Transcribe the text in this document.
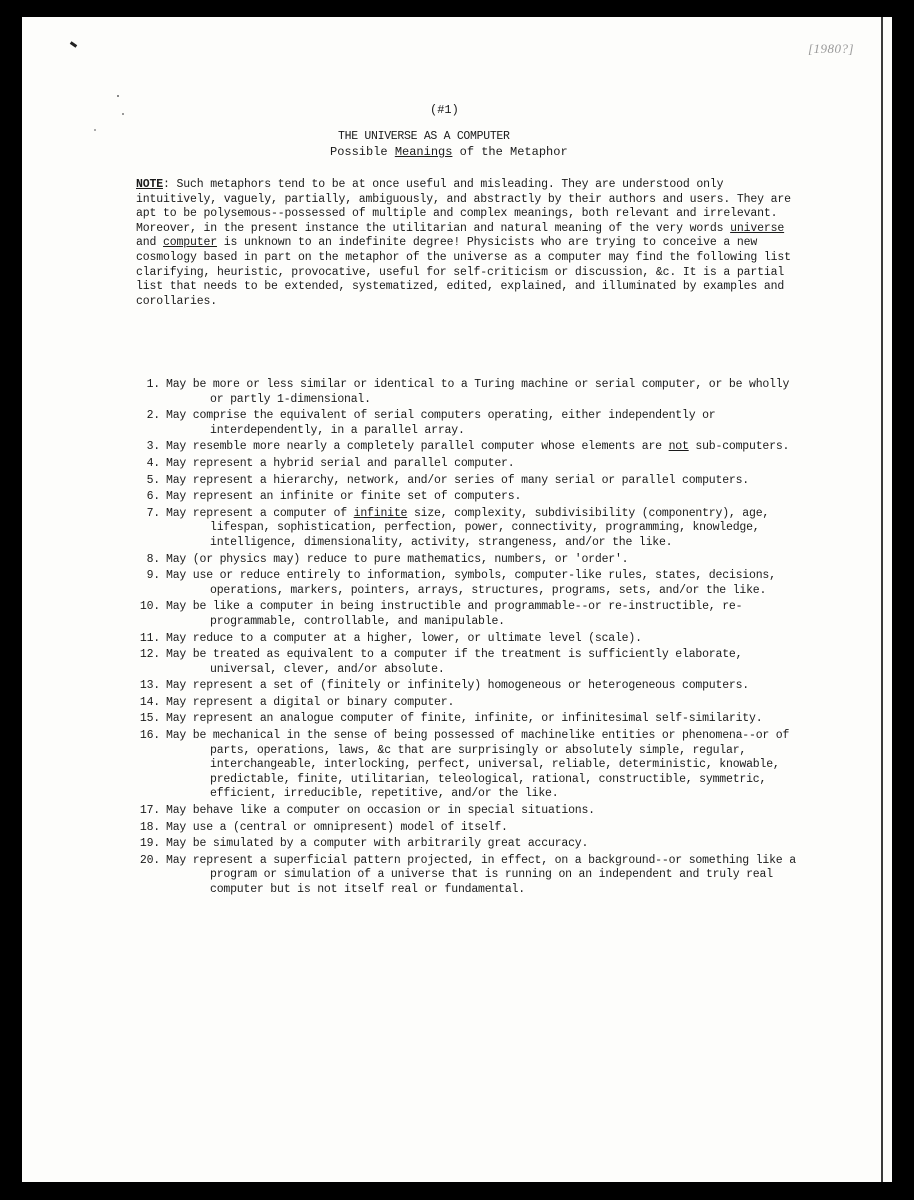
[1980?]
(#1)
THE UNIVERSE AS A COMPUTER
Possible Meanings of the Metaphor
NOTE: Such metaphors tend to be at once useful and misleading. They are understood only intuitively, vaguely, partially, ambiguously, and abstractly by their authors and users. They are apt to be polysemous--possessed of multiple and complex meanings, both relevant and irrelevant. Moreover, in the present instance the utilitarian and natural meaning of the very words universe and computer is unknown to an indefinite degree! Physicists who are trying to conceive a new cosmology based in part on the metaphor of the universe as a computer may find the following list clarifying, heuristic, provocative, useful for self-criticism or discussion, &c. It is a partial list that needs to be extended, systematized, edited, explained, and illuminated by examples and corollaries.
1. May be more or less similar or identical to a Turing machine or serial computer, or be wholly or partly 1-dimensional.
2. May comprise the equivalent of serial computers operating, either independently or interdependently, in a parallel array.
3. May resemble more nearly a completely parallel computer whose elements are not sub-computers.
4. May represent a hybrid serial and parallel computer.
5. May represent a hierarchy, network, and/or series of many serial or parallel computers.
6. May represent an infinite or finite set of computers.
7. May represent a computer of infinite size, complexity, subdivisibility (componentry), age, lifespan, sophistication, perfection, power, connectivity, programming, knowledge, intelligence, dimensionality, activity, strangeness, and/or the like.
8. May (or physics may) reduce to pure mathematics, numbers, or 'order'.
9. May use or reduce entirely to information, symbols, computer-like rules, states, decisions, operations, markers, pointers, arrays, structures, programs, sets, and/or the like.
10. May be like a computer in being instructible and programmable--or re-instructible, re-programmable, controllable, and manipulable.
11. May reduce to a computer at a higher, lower, or ultimate level (scale).
12. May be treated as equivalent to a computer if the treatment is sufficiently elaborate, universal, clever, and/or absolute.
13. May represent a set of (finitely or infinitely) homogeneous or heterogeneous computers.
14. May represent a digital or binary computer.
15. May represent an analogue computer of finite, infinite, or infinitesimal self-similarity.
16. May be mechanical in the sense of being possessed of machinelike entities or phenomena--or of parts, operations, laws, &c that are surprisingly or absolutely simple, regular, interchangeable, interlocking, perfect, universal, reliable, deterministic, knowable, predictable, finite, utilitarian, teleological, rational, constructible, symmetric, efficient, irreducible, repetitive, and/or the like.
17. May behave like a computer on occasion or in special situations.
18. May use a (central or omnipresent) model of itself.
19. May be simulated by a computer with arbitrarily great accuracy.
20. May represent a superficial pattern projected, in effect, on a background--or something like a program or simulation of a universe that is running on an independent and truly real computer but is not itself real or fundamental.
